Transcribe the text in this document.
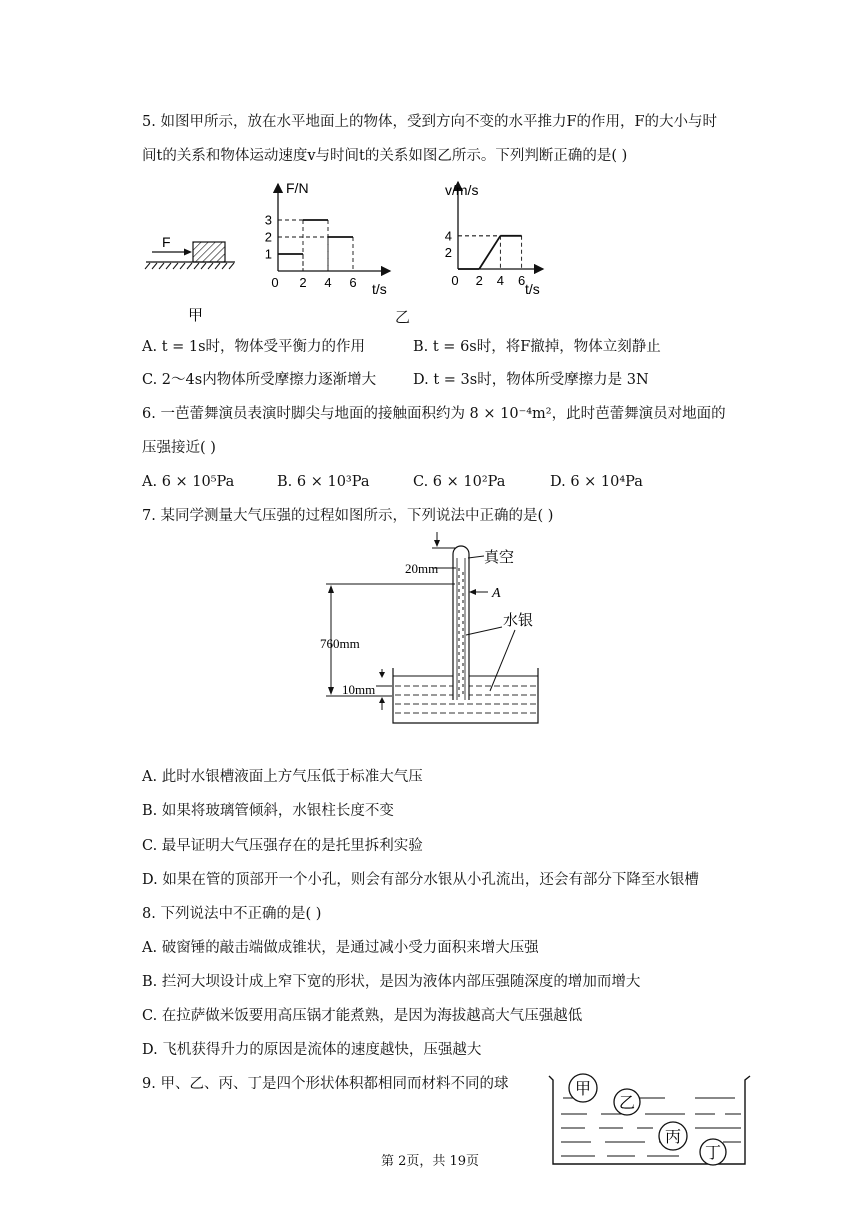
5. 如图甲所示，放在水平地面上的物体，受到方向不变的水平推力F的作用，F的大小与时
间t的关系和物体运动速度v与时间t的关系如图乙所示。下列判断正确的是( )
F
甲
0 2 4 6
1
2
3
F/N
t/s
0 2 4 6
2
4
v/m/s
t/s
乙
A. t = 1s时，物体受平衡力的作用	B. t = 6s时，将F撤掉，物体立刻静止
C. 2～4s内物体所受摩擦力逐渐增大	D. t = 3s时，物体所受摩擦力是 3N
6. 一芭蕾舞演员表演时脚尖与地面的接触面积约为 8 × 10⁻⁴m²，此时芭蕾舞演员对地面的
压强接近( )
A. 6 × 10⁵Pa	B. 6 × 10³Pa	C. 6 × 10²Pa	D. 6 × 10⁴Pa
7. 某同学测量大气压强的过程如图所示，下列说法中正确的是( )
20mm
760mm
10mm
真空
A
水银
A. 此时水银槽液面上方气压低于标准大气压
B. 如果将玻璃管倾斜，水银柱长度不变
C. 最早证明大气压强存在的是托里拆利实验
D. 如果在管的顶部开一个小孔，则会有部分水银从小孔流出，还会有部分下降至水银槽
8. 下列说法中不正确的是( )
A. 破窗锤的敲击端做成锥状，是通过减小受力面积来增大压强
B. 拦河大坝设计成上窄下宽的形状，是因为液体内部压强随深度的增加而增大
C. 在拉萨做米饭要用高压锅才能煮熟，是因为海拔越高大气压强越低
D. 飞机获得升力的原因是流体的速度越快，压强越大
9. 甲、乙、丙、丁是四个形状体积都相同而材料不同的球	甲
乙
丙
丁
第 2页，共 19页
